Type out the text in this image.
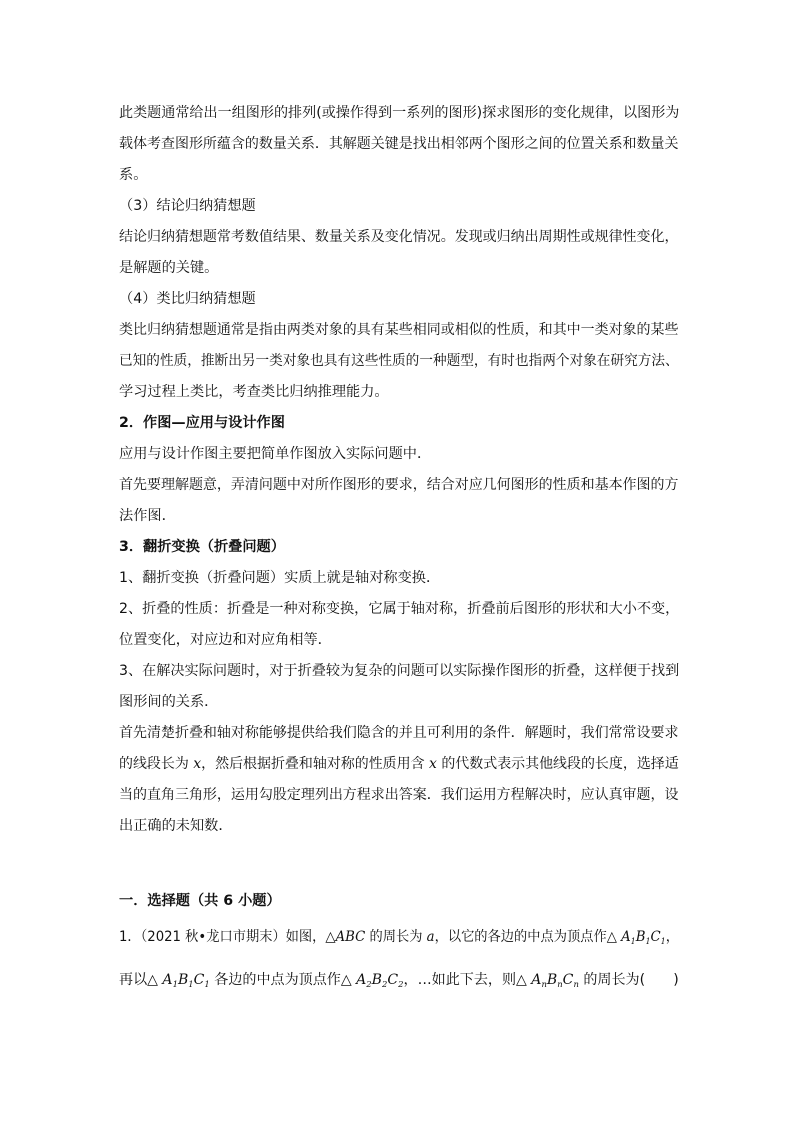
此类题通常给出一组图形的排列(或操作得到一系列的图形)探求图形的变化规律，以图形为
载体考查图形所蕴含的数量关系．其解题关键是找出相邻两个图形之间的位置关系和数量关
系。
（3）结论归纳猜想题
结论归纳猜想题常考数值结果、数量关系及变化情况。发现或归纳出周期性或规律性变化，
是解题的关键。
（4）类比归纳猜想题
类比归纳猜想题通常是指由两类对象的具有某些相同或相似的性质，和其中一类对象的某些
已知的性质，推断出另一类对象也具有这些性质的一种题型，有时也指两个对象在研究方法、
学习过程上类比，考查类比归纳推理能力。
2．作图—应用与设计作图
应用与设计作图主要把简单作图放入实际问题中．
首先要理解题意，弄清问题中对所作图形的要求，结合对应几何图形的性质和基本作图的方
法作图．
3．翻折变换（折叠问题）
1、翻折变换（折叠问题）实质上就是轴对称变换．
2、折叠的性质：折叠是一种对称变换，它属于轴对称，折叠前后图形的形状和大小不变，
位置变化，对应边和对应角相等．
3、在解决实际问题时，对于折叠较为复杂的问题可以实际操作图形的折叠，这样便于找到
图形间的关系．
首先清楚折叠和轴对称能够提供给我们隐含的并且可利用的条件．解题时，我们常常设要求
的线段长为 x，然后根据折叠和轴对称的性质用含 x 的代数式表示其他线段的长度，选择适
当的直角三角形，运用勾股定理列出方程求出答案．我们运用方程解决时，应认真审题，设
出正确的未知数．
一．选择题（共 6 小题）
1．（2021 秋•龙口市期末）如图，△ABC 的周长为 a，以它的各边的中点为顶点作△ $A_1B_1C_1$，
再以△ $A_1B_1C_1$ 各边的中点为顶点作△ $A_2B_2C_2$，…如此下去，则△ $A_nB_nC_n$ 的周长为(　　)
